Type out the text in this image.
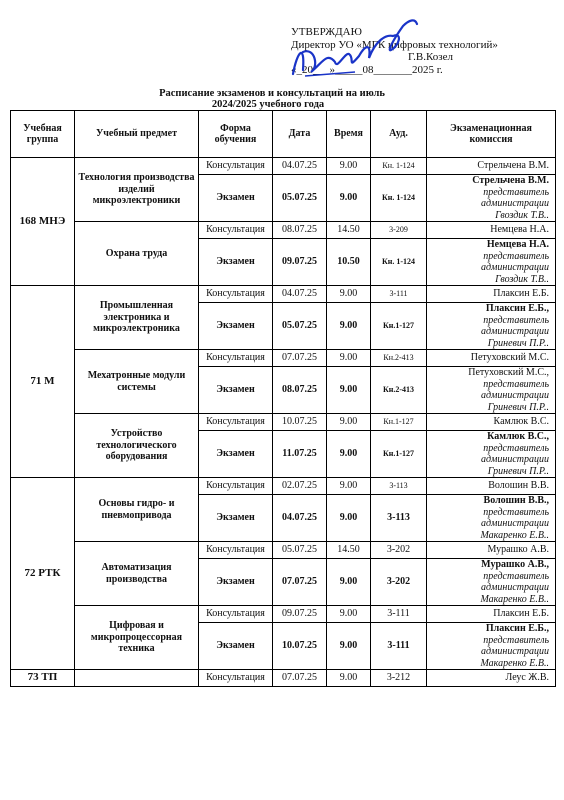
УТВЕРЖДАЮ
Директор УО «МГК цифровых технологий»
Г.В.Козел
«_20___»_____08_______2025 г.
Расписание экзаменов и консультаций на июль
2024/2025 учебного года
Учебная группа	Учебный предмет	Форма обучения	Дата	Время	Ауд.	Экзаменационная комиссия
168 МНЭ	Технология производства изделий микроэлектроники	Консультация	04.07.25	9.00	Кн. 1-124	Стрельчена В.М.
		Экзамен	05.07.25	9.00	Кн. 1-124	Стрельчена В.М.
представитель администрации
Гвоздик Т.В..

	Охрана труда	Консультация	08.07.25	14.50	3-209	Немцева Н.А.
		Экзамен	09.07.25	10.50	Кн. 1-124	Немцева Н.А.
представитель администрации
Гвоздик Т.В..

71 М	Промышленная электроника и микроэлектроника	Консультация	04.07.25	9.00	3-111	Плаксин Е.Б.
		Экзамен	05.07.25	9.00	Кн.1-127	Плаксин Е.Б.,
представитель администрации
Гриневич П.Р..

	Мехатронные модули системы	Консультация	07.07.25	9.00	Кн.2-413	Петуховский М.С.
		Экзамен	08.07.25	9.00	Кн.2-413	Петуховский М.С.,
представитель администрации
Гриневич П.Р..

	Устройство технологического оборудования	Консультация	10.07.25	9.00	Кн.1-127	Камлюк В.С.
		Экзамен	11.07.25	9.00	Кн.1-127	Камлюк В.С.,
представитель администрации
Гриневич П.Р..

72 РТК	Основы гидро- и пневмопривода	Консультация	02.07.25	9.00	3-113	Волошин В.В.
		Экзамен	04.07.25	9.00	3-113	Волошин В.В.,
представитель администрации
Макаренко Е.В..

	Автоматизация производства	Консультация	05.07.25	14.50	3-202	Мурашко А.В.
		Экзамен	07.07.25	9.00	3-202	Мурашко А.В.,
представитель администрации
Макаренко Е.В..

	Цифровая и микропроцессорная техника	Консультация	09.07.25	9.00	3-111	Плаксин Е.Б.
		Экзамен	10.07.25	9.00	3-111	Плаксин Е.Б.,
представитель администрации
Макаренко Е.В..

73 ТП		Консультация	07.07.25	9.00	3-212	Леус Ж.В.
